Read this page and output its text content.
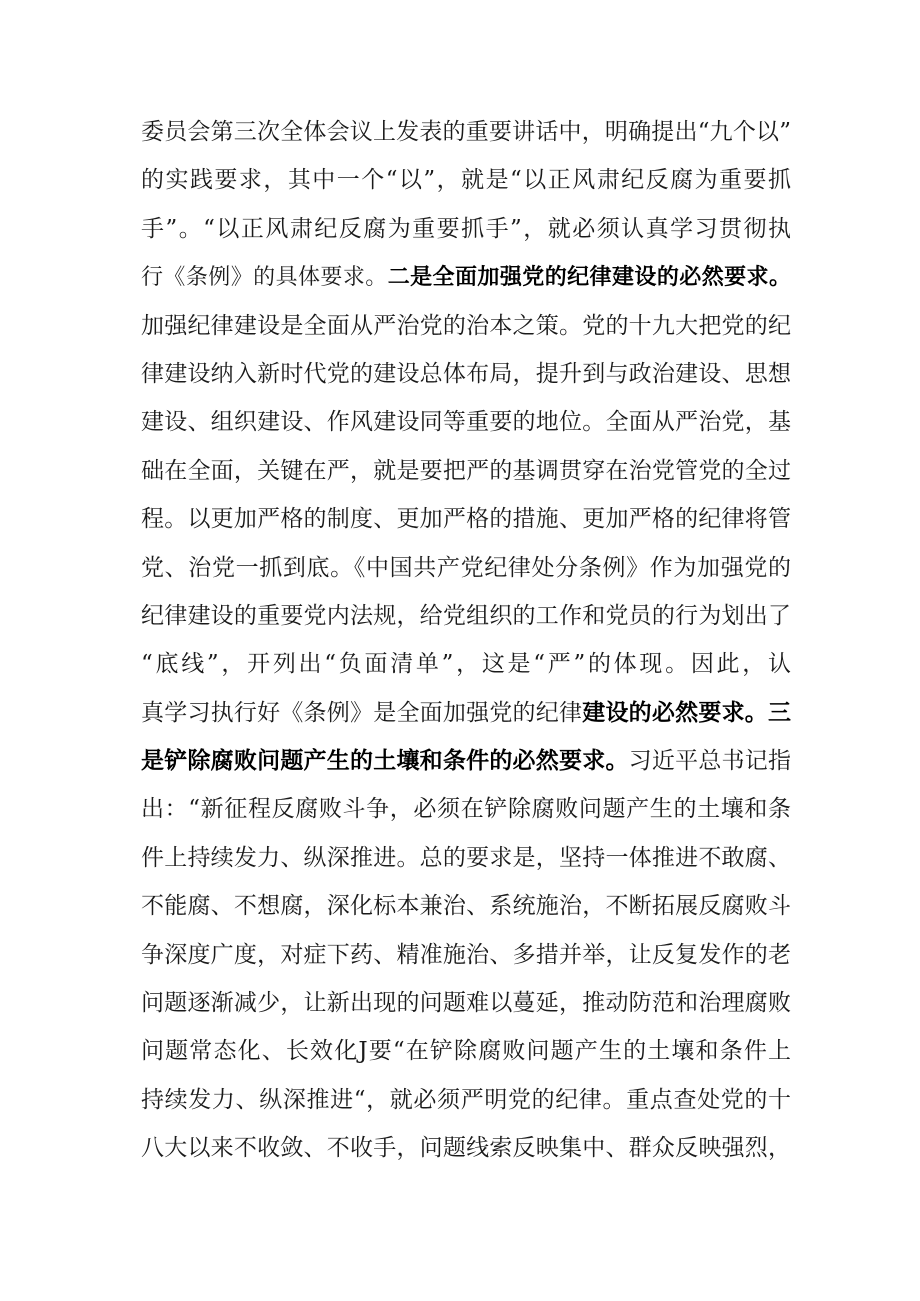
委员会第三次全体会议上发表的重要讲话中，明确提出“九个以”
的实践要求，其中一个“以”，就是“以正风肃纪反腐为重要抓
手”。“以正风肃纪反腐为重要抓手”，就必须认真学习贯彻执
行《条例》的具体要求。二是全面加强党的纪律建设的必然要求。
加强纪律建设是全面从严治党的治本之策。党的十九大把党的纪
律建设纳入新时代党的建设总体布局，提升到与政治建设、思想
建设、组织建设、作风建设同等重要的地位。全面从严治党，基
础在全面，关键在严，就是要把严的基调贯穿在治党管党的全过
程。以更加严格的制度、更加严格的措施、更加严格的纪律将管
党、治党一抓到底。《中国共产党纪律处分条例》作为加强党的
纪律建设的重要党内法规，给党组织的工作和党员的行为划出了
“底线”，开列出“负面清单”，这是“严”的体现。因此，认
真学习执行好《条例》是全面加强党的纪律建设的必然要求。三
是铲除腐败问题产生的土壤和条件的必然要求。习近平总书记指
出：“新征程反腐败斗争，必须在铲除腐败问题产生的土壤和条
件上持续发力、纵深推进。总的要求是，坚持一体推进不敢腐、
不能腐、不想腐，深化标本兼治、系统施治，不断拓展反腐败斗
争深度广度，对症下药、精准施治、多措并举，让反复发作的老
问题逐渐减少，让新出现的问题难以蔓延，推动防范和治理腐败
问题常态化、长效化J要“在铲除腐败问题产生的土壤和条件上
持续发力、纵深推进“，就必须严明党的纪律。重点查处党的十
八大以来不收敛、不收手，问题线索反映集中、群众反映强烈，
